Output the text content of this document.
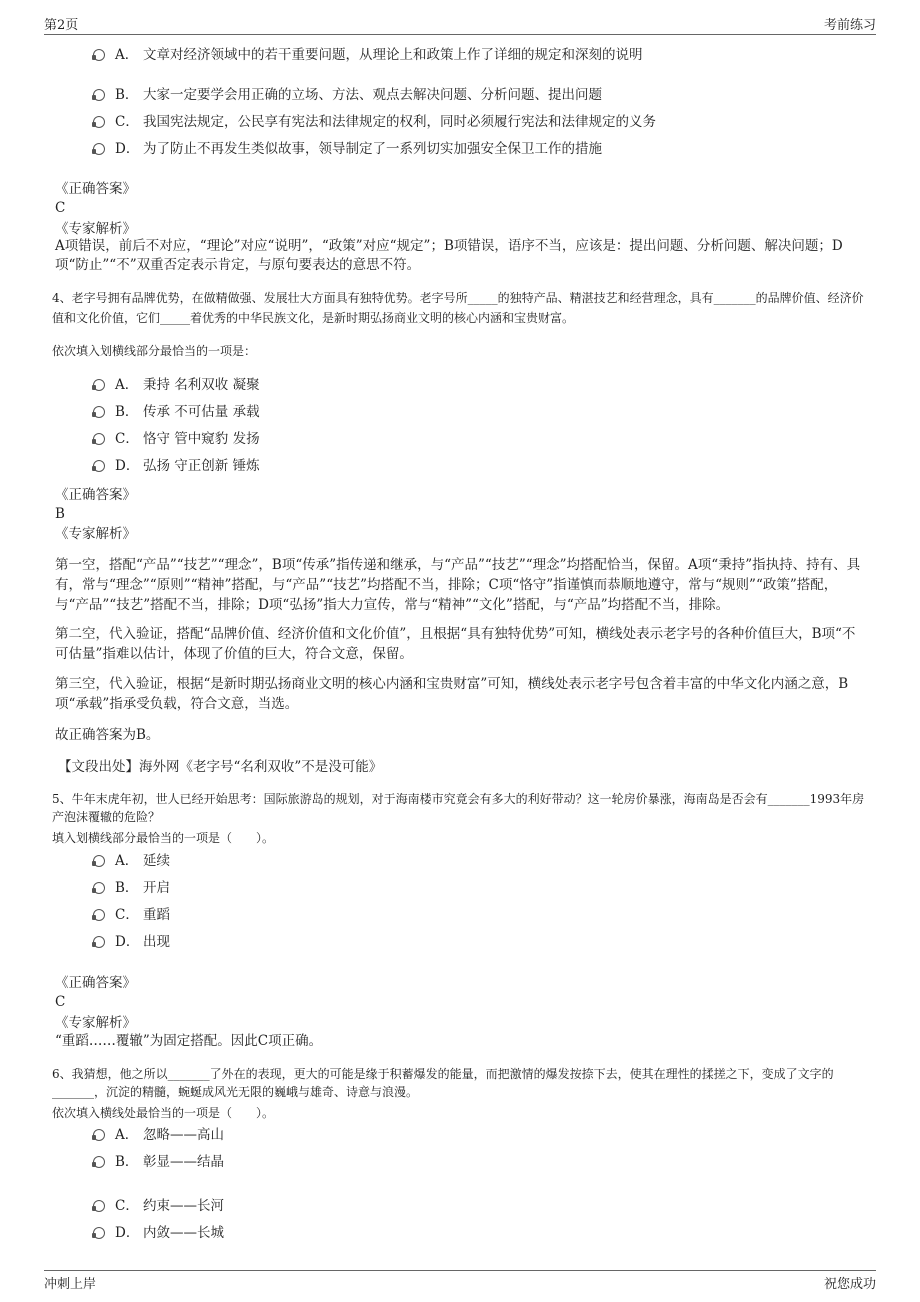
第2页	考前练习
A． 文章对经济领域中的若干重要问题，从理论上和政策上作了详细的规定和深刻的说明
B． 大家一定要学会用正确的立场、方法、观点去解决问题、分析问题、提出问题
C． 我国宪法规定，公民享有宪法和法律规定的权利，同时必须履行宪法和法律规定的义务
D． 为了防止不再发生类似故事，领导制定了一系列切实加强安全保卫工作的措施
《正确答案》
C
《专家解析》
A项错误，前后不对应，“理论”对应“说明”，“政策”对应“规定”；B项错误，语序不当，应该是：提出问题、分析问题、解决问题；D项“防止”“不”双重否定表示肯定，与原句要表达的意思不符。
4、老字号拥有品牌优势，在做精做强、发展壮大方面具有独特优势。老字号所_____的独特产品、精湛技艺和经营理念，具有_______的品牌价值、经济价值和文化价值，它们_____着优秀的中华民族文化，是新时期弘扬商业文明的核心内涵和宝贵财富。
依次填入划横线部分最恰当的一项是：
A． 秉持 名利双收 凝聚
B． 传承 不可估量 承载
C． 恪守 管中窥豹 发扬
D． 弘扬 守正创新 锤炼
《正确答案》
B
《专家解析》
第一空，搭配“产品”“技艺”“理念”，B项“传承”指传递和继承，与“产品”“技艺”“理念”均搭配恰当，保留。A项“秉持”指执持、持有、具有，常与“理念”“原则”“精神”搭配，与“产品”“技艺”均搭配不当，排除；C项“恪守”指谨慎而恭顺地遵守，常与“规则”“政策”搭配，与“产品”“技艺”搭配不当，排除；D项“弘扬”指大力宣传，常与“精神”“文化”搭配，与“产品”均搭配不当，排除。
第二空，代入验证，搭配“品牌价值、经济价值和文化价值”，且根据“具有独特优势”可知，横线处表示老字号的各种价值巨大，B项“不可估量”指难以估计，体现了价值的巨大，符合文意，保留。
第三空，代入验证，根据“是新时期弘扬商业文明的核心内涵和宝贵财富”可知，横线处表示老字号包含着丰富的中华文化内涵之意，B项“承载”指承受负载，符合文意，当选。
故正确答案为B。
【文段出处】海外网《老字号“名利双收”不是没可能》
5、牛年末虎年初，世人已经开始思考：国际旅游岛的规划，对于海南楼市究竟会有多大的利好带动？这一轮房价暴涨，海南岛是否会有_______1993年房产泡沫覆辙的危险？
填入划横线部分最恰当的一项是（　　）。
A． 延续
B． 开启
C． 重蹈
D． 出现
《正确答案》
C
《专家解析》
“重蹈……覆辙”为固定搭配。因此C项正确。
6、我猜想，他之所以_______了外在的表现，更大的可能是缘于积蓄爆发的能量，而把激情的爆发按捺下去，使其在理性的揉搓之下，变成了文字的_______，沉淀的精髓，蜿蜒成风光无限的巍峨与雄奇、诗意与浪漫。
依次填入横线处最恰当的一项是（　　）。
A． 忽略——高山
B． 彰显——结晶
C． 约束——长河
D． 内敛——长城
冲刺上岸	祝您成功
